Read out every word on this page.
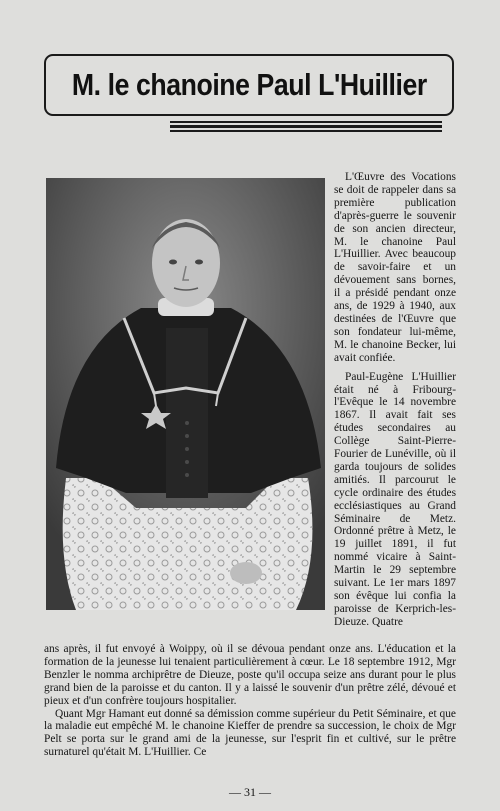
M. le chanoine Paul L'Huillier

L'Œuvre des Vocations se doit de rappeler dans sa première publication d'après-guerre le souvenir de son ancien directeur, M. le chanoine Paul L'Huillier. Avec beaucoup de savoir-faire et un dévouement sans bornes, il a présidé pendant onze ans, de 1929 à 1940, aux destinées de l'Œuvre que son fondateur lui-même, M. le chanoine Becker, lui avait confiée.

Paul-Eugène L'Huillier était né à Fribourg-l'Evêque le 14 novembre 1867. Il avait fait ses études secondaires au Collège Saint-Pierre-Fourier de Lunéville, où il garda toujours de solides amitiés. Il parcourut le cycle ordinaire des études ecclésiastiques au Grand Séminaire de Metz. Ordonné prêtre à Metz, le 19 juillet 1891, il fut nommé vicaire à Saint-Martin le 29 septembre suivant. Le 1er mars 1897 son évêque lui confia la paroisse de Kerprich-les-Dieuze. Quatre

ans après, il fut envoyé à Woippy, où il se dévoua pendant onze ans. L'éducation et la formation de la jeunesse lui tenaient particulièrement à cœur. Le 18 septembre 1912, Mgr Benzler le nomma archiprêtre de Dieuze, poste qu'il occupa seize ans durant pour le plus grand bien de la paroisse et du canton. Il y a laissé le souvenir d'un prêtre zélé, dévoué et pieux et d'un confrère toujours hospitalier.

Quant Mgr Hamant eut donné sa démission comme supérieur du Petit Séminaire, et que la maladie eut empêché M. le chanoine Kieffer de prendre sa succession, le choix de Mgr Pelt se porta sur le grand ami de la jeunesse, sur l'esprit fin et cultivé, sur le prêtre surnaturel qu'était M. L'Huillier. Ce

— 31 —
